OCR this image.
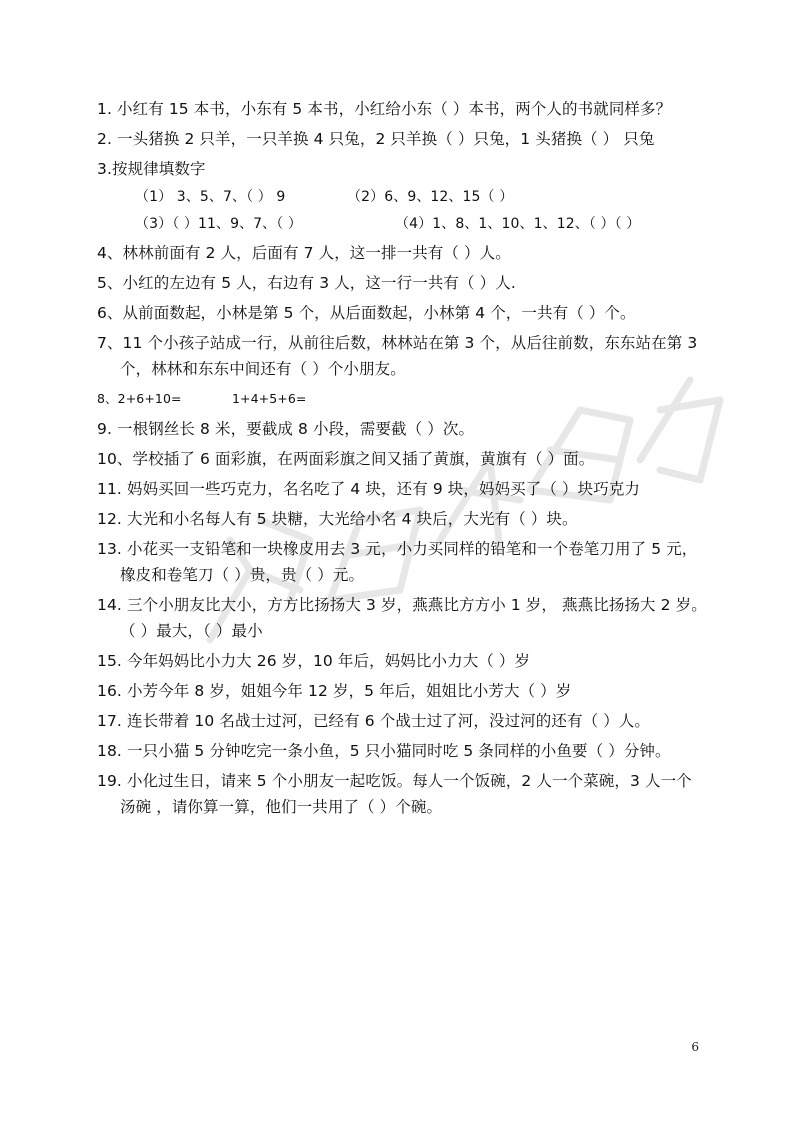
1. 小红有 15 本书，小东有 5 本书，小红给小东（ ）本书，两个人的书就同样多？
2. 一头猪换 2 只羊，一只羊换 4 只兔，2 只羊换（ ）只兔，1 头猪换（ ） 只兔
3.按规律填数字
（1） 3、5、7、（ ） 9	（2）6、9、12、15（ ）
（3）（ ）11、9、7、（ ）	（4）1、8、1、10、1、12、（ ）（ ）
4、林林前面有 2 人，后面有 7 人，这一排一共有（ ）人。
5、小红的左边有 5 人，右边有 3 人，这一行一共有（ ）人.
6、从前面数起，小林是第 5 个，从后面数起，小林第 4 个，一共有（ ）个。
7、11 个小孩子站成一行，从前往后数，林林站在第 3 个，从后往前数，东东站在第 3
个，林林和东东中间还有（ ）个小朋友。
8、2+6+10=	1+4+5+6=
9. 一根钢丝长 8 米，要截成 8 小段，需要截（ ）次。
10、学校插了 6 面彩旗，在两面彩旗之间又插了黄旗，黄旗有（ ）面。
11. 妈妈买回一些巧克力，名名吃了 4 块，还有 9 块，妈妈买了（ ）块巧克力
12. 大光和小名每人有 5 块糖，大光给小名 4 块后，大光有（ ）块。
13. 小花买一支铅笔和一块橡皮用去 3 元，小力买同样的铅笔和一个卷笔刀用了 5 元，
橡皮和卷笔刀（ ）贵，贵（ ）元。
14. 三个小朋友比大小，方方比扬扬大 3 岁，燕燕比方方小 1 岁， 燕燕比扬扬大 2 岁。
（ ）最大，（ ）最小
15. 今年妈妈比小力大 26 岁，10 年后，妈妈比小力大（ ）岁
16. 小芳今年 8 岁，姐姐今年 12 岁，5 年后，姐姐比小芳大（ ）岁
17. 连长带着 10 名战士过河，已经有 6 个战士过了河，没过河的还有（ ）人。
18. 一只小猫 5 分钟吃完一条小鱼，5 只小猫同时吃 5 条同样的小鱼要（ ）分钟。
19. 小化过生日，请来 5 个小朋友一起吃饭。每人一个饭碗，2 人一个菜碗，3 人一个
汤碗 ，请你算一算，他们一共用了（ ）个碗。
6
